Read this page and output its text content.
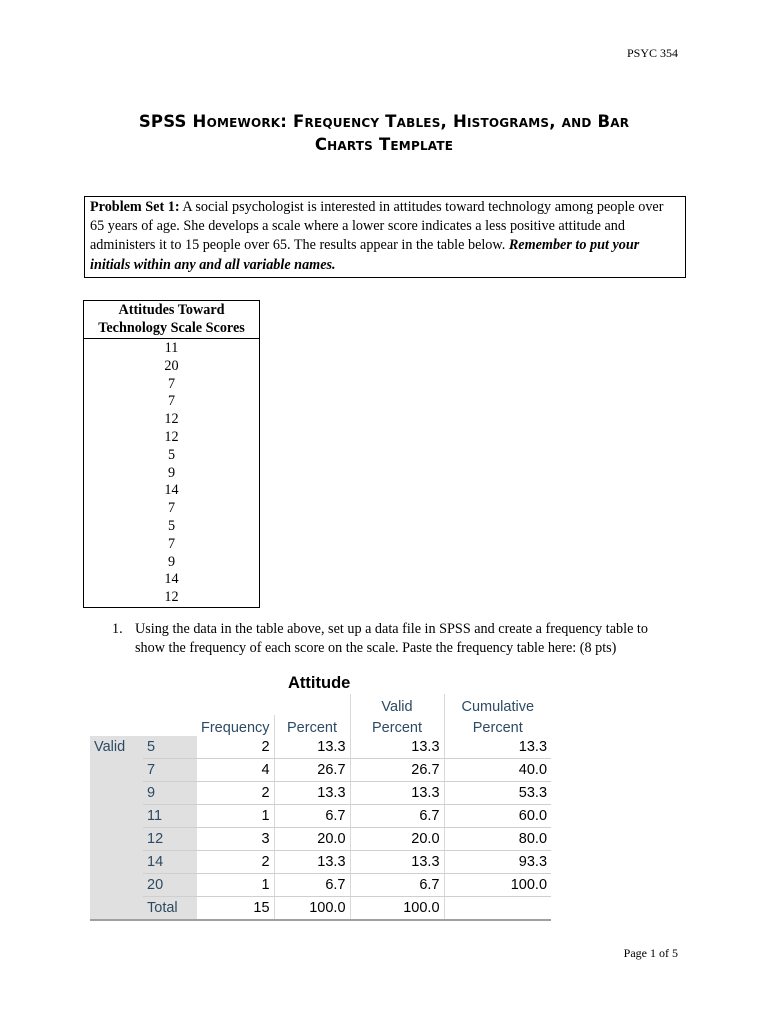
PSYC 354
SPSS Homework: Frequency Tables, Histograms, and Bar
Charts Template
Problem Set 1: A social psychologist is interested in attitudes toward technology among people over 65 years of age. She develops a scale where a lower score indicates a less positive attitude and administers it to 15 people over 65. The results appear in the table below. Remember to put your initials within any and all variable names.
Attitudes Toward Technology Scale Scores
11
20
7
7
12
12
5
9
14
7
5
7
9
14
12
1. Using the data in the table above, set up a data file in SPSS and create a frequency table to show the frequency of each score on the scale. Paste the frequency table here: (8 pts)
Attitude
				Valid	Cumulative
		Frequency	Percent	Percent	Percent
Valid	5	2	13.3	13.3	13.3
	7	4	26.7	26.7	40.0
	9	2	13.3	13.3	53.3
	11	1	6.7	6.7	60.0
	12	3	20.0	20.0	80.0
	14	2	13.3	13.3	93.3
	20	1	6.7	6.7	100.0
	Total	15	100.0	100.0	
Page 1 of 5
